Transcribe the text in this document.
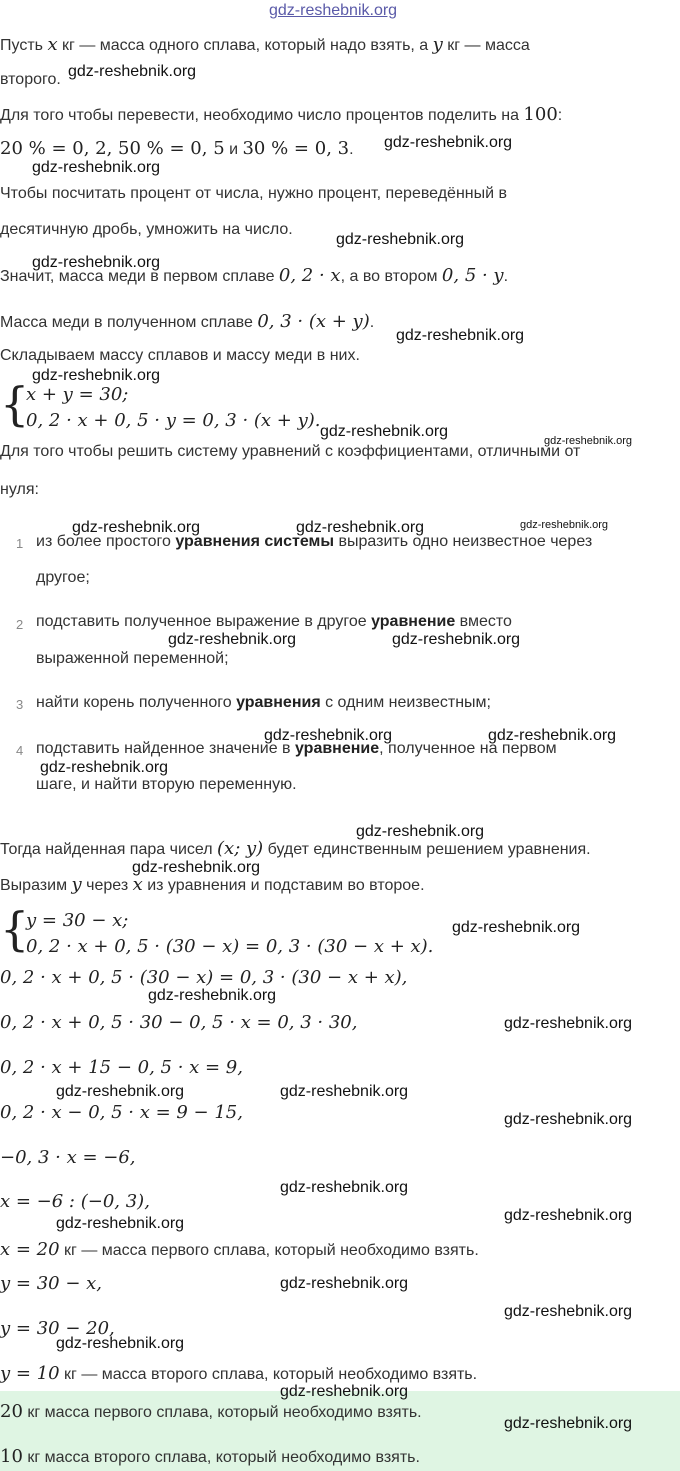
gdz-reshebnik.org
Пусть x кг — масса одного сплава, который надо взять, а y кг — масса
второго. gdz-reshebnik.org
Для того чтобы перевести, необходимо число процентов поделить на 100:
20 % = 0, 2, 50 % = 0, 5 и 30 % = 0, 3. gdz-reshebnik.org
gdz-reshebnik.org
Чтобы посчитать процент от числа, нужно процент, переведённый в
десятичную дробь, умножить на число.
gdz-reshebnik.org
gdz-reshebnik.org
Значит, масса меди в первом сплаве 0, 2 · x, а во втором 0, 5 · y.
Масса меди в полученном сплаве 0, 3 · (x + y).
gdz-reshebnik.org
Складываем массу сплавов и массу меди в них.
gdz-reshebnik.org
{
x + y = 30;
0, 2 · x + 0, 5 · y = 0, 3 · (x + y).
gdz-reshebnik.org
gdz-reshebnik.org
Для того чтобы решить систему уравнений с коэффициентами, отличными от
нуля:
gdz-reshebnik.org	gdz-reshebnik.org	gdz-reshebnik.org
1 из более простого уравнения системы выразить одно неизвестное через
другое;
2 подставить полученное выражение в другое уравнение вместо
gdz-reshebnik.org	gdz-reshebnik.org
выраженной переменной;
3 найти корень полученного уравнения с одним неизвестным;
gdz-reshebnik.org	gdz-reshebnik.org
4 подставить найденное значение в уравнение, полученное на первом
gdz-reshebnik.org
шаге, и найти вторую переменную.
gdz-reshebnik.org
Тогда найденная пара чисел (x; y) будет единственным решением уравнения.
gdz-reshebnik.org
Выразим y через x из уравнения и подставим во второе.
{
y = 30 − x;
0, 2 · x + 0, 5 · (30 − x) = 0, 3 · (30 − x + x).
gdz-reshebnik.org
0, 2 · x + 0, 5 · (30 − x) = 0, 3 · (30 − x + x),
gdz-reshebnik.org
0, 2 · x + 0, 5 · 30 − 0, 5 · x = 0, 3 · 30,	gdz-reshebnik.org
0, 2 · x + 15 − 0, 5 · x = 9,
gdz-reshebnik.org	gdz-reshebnik.org
0, 2 · x − 0, 5 · x = 9 − 15,	gdz-reshebnik.org
−0, 3 · x = −6,
gdz-reshebnik.org
x = −6 : (−0, 3),
gdz-reshebnik.org	gdz-reshebnik.org
x = 20 кг — масса первого сплава, который необходимо взять.
y = 30 − x,	gdz-reshebnik.org
gdz-reshebnik.org
y = 30 − 20,
gdz-reshebnik.org
y = 10 кг — масса второго сплава, который необходимо взять.
gdz-reshebnik.org
20 кг масса первого сплава, который необходимо взять.
gdz-reshebnik.org
10 кг масса второго сплава, который необходимо взять.
